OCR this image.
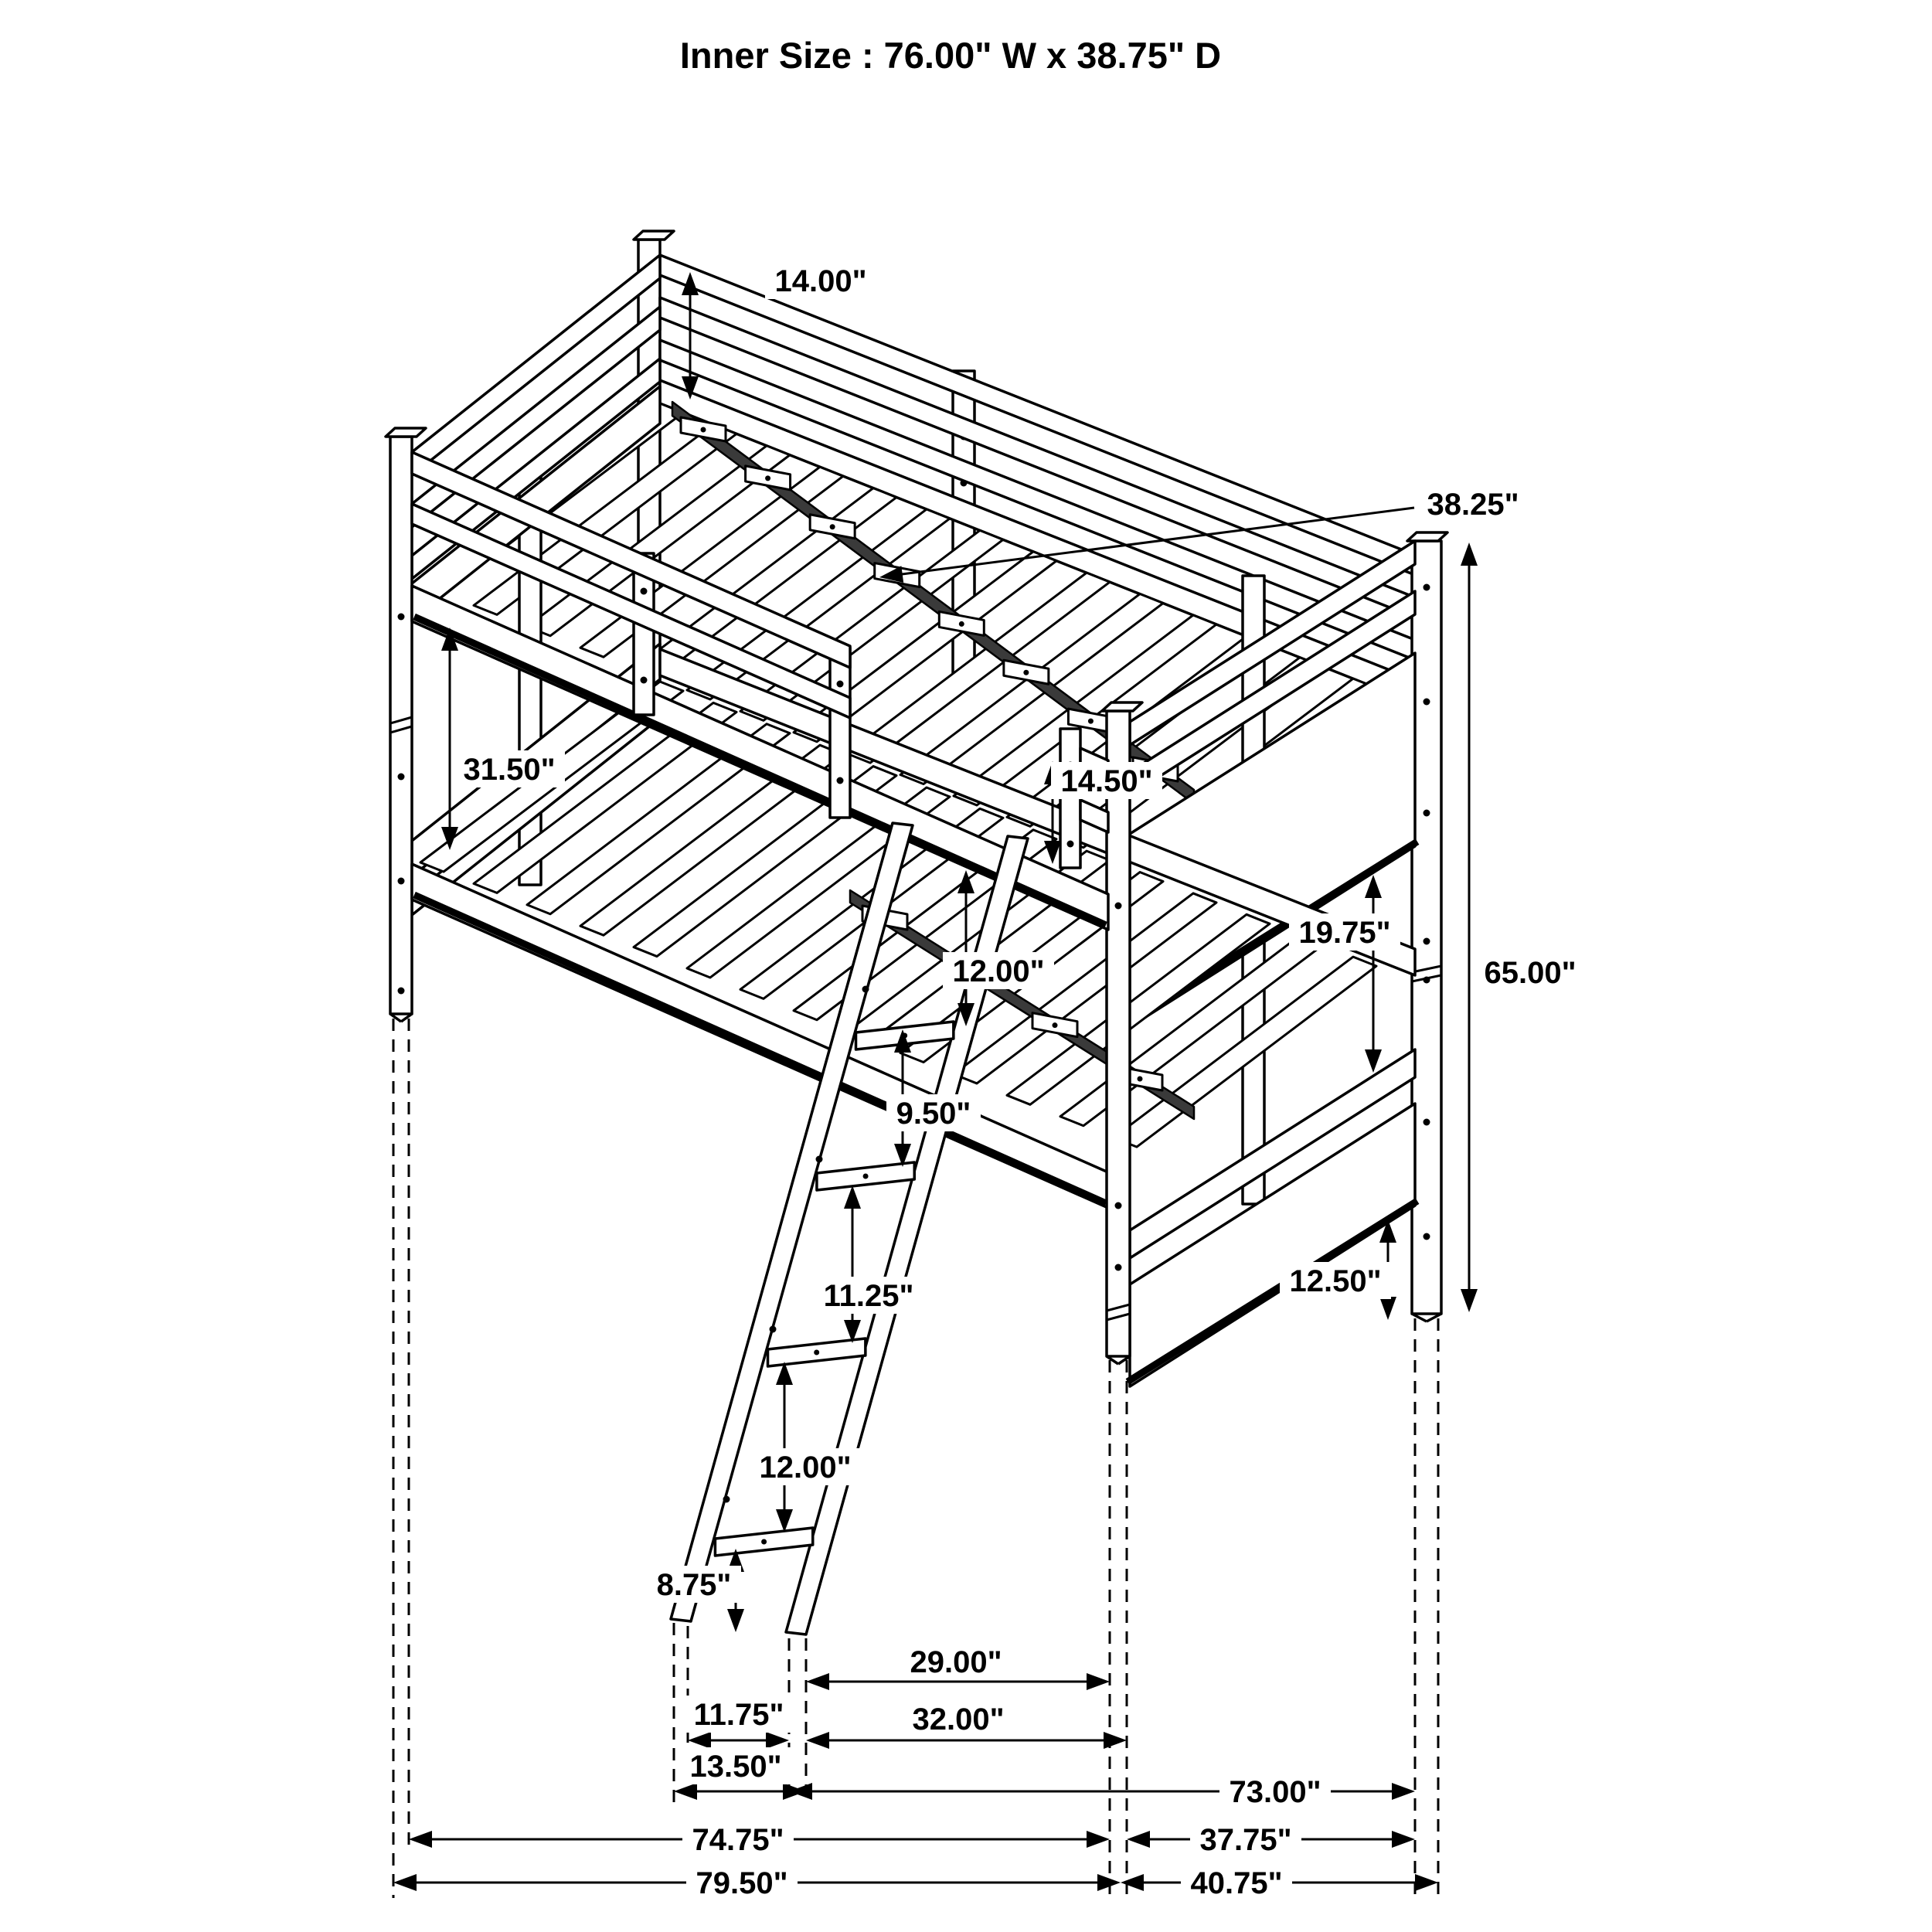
14.00"
38.25"
31.50"	14.50"
12.00"
9.50"
11.25"
12.00"
8.75"
19.75"
65.00"
12.50"
29.00"
11.75"	32.00"
13.50"
73.00"
74.75"	37.75"
79.50"	40.75"
Inner Size : 76.00" W x 38.75" D
